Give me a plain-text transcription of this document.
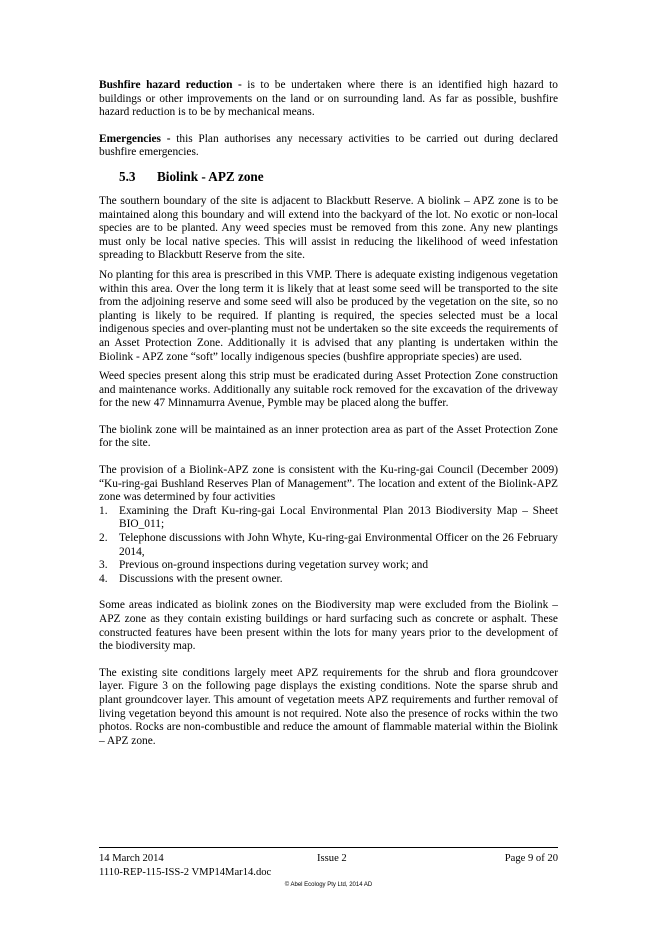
Bushfire hazard reduction - is to be undertaken where there is an identified high hazard to buildings or other improvements on the land or on surrounding land. As far as possible, bushfire hazard reduction is to be by mechanical means.

Emergencies - this Plan authorises any necessary activities to be carried out during declared bushfire emergencies.

5.3 Biolink - APZ zone

The southern boundary of the site is adjacent to Blackbutt Reserve. A biolink – APZ zone is to be maintained along this boundary and will extend into the backyard of the lot. No exotic or non-local species are to be planted. Any weed species must be removed from this zone. Any new plantings must only be local native species. This will assist in reducing the likelihood of weed infestation spreading to Blackbutt Reserve from the site.

No planting for this area is prescribed in this VMP. There is adequate existing indigenous vegetation within this area. Over the long term it is likely that at least some seed will be transported to the site from the adjoining reserve and some seed will also be produced by the vegetation on the site, so no planting is likely to be required. If planting is required, the species selected must be a local indigenous species and over-planting must not be undertaken so the site exceeds the requirements of an Asset Protection Zone. Additionally it is advised that any planting is undertaken within the Biolink - APZ zone “soft” locally indigenous species (bushfire appropriate species) are used.

Weed species present along this strip must be eradicated during Asset Protection Zone construction and maintenance works. Additionally any suitable rock removed for the excavation of the driveway for the new 47 Minnamurra Avenue, Pymble may be placed along the buffer.

The biolink zone will be maintained as an inner protection area as part of the Asset Protection Zone for the site.

The provision of a Biolink-APZ zone is consistent with the Ku-ring-gai Council (December 2009) “Ku-ring-gai Bushland Reserves Plan of Management”. The location and extent of the Biolink-APZ zone was determined by four activities

1. Examining the Draft Ku-ring-gai Local Environmental Plan 2013 Biodiversity Map – Sheet BIO_011;
2. Telephone discussions with John Whyte, Ku-ring-gai Environmental Officer on the 26 February 2014,
3. Previous on-ground inspections during vegetation survey work; and
4. Discussions with the present owner.

Some areas indicated as biolink zones on the Biodiversity map were excluded from the Biolink – APZ zone as they contain existing buildings or hard surfacing such as concrete or asphalt. These constructed features have been present within the lots for many years prior to the development of the biodiversity map.

The existing site conditions largely meet APZ requirements for the shrub and flora groundcover layer. Figure 3 on the following page displays the existing conditions. Note the sparse shrub and plant groundcover layer. This amount of vegetation meets APZ requirements and further removal of living vegetation beyond this amount is not required. Note also the presence of rocks within the two photos. Rocks are non-combustible and reduce the amount of flammable material within the Biolink – APZ zone.

14 March 2014	Issue 2	Page 9 of 20
1110-REP-115-ISS-2 VMP14Mar14.doc
© Abel Ecology Pty Ltd, 2014 AD
